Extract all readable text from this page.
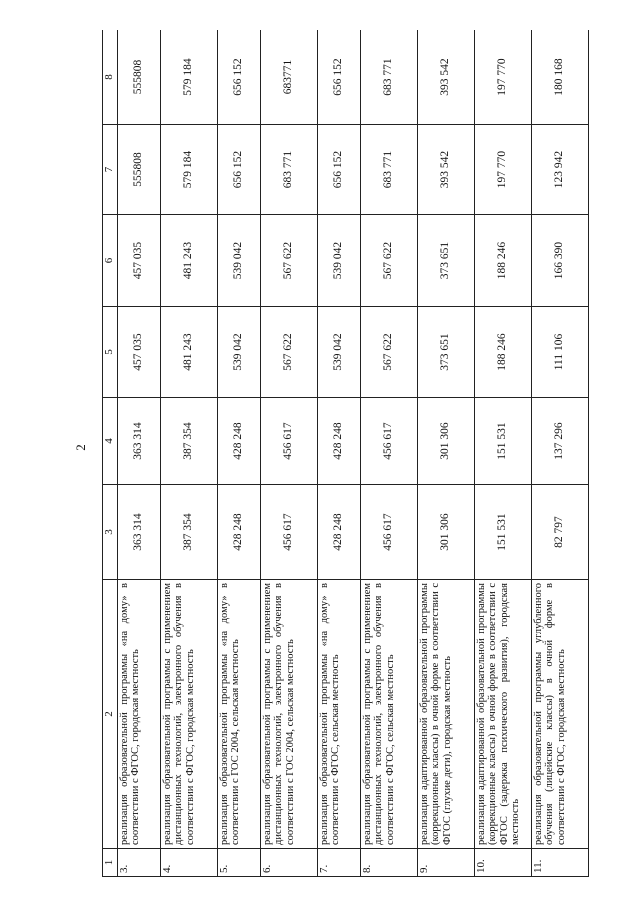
2
1	2	3	4	5	6	7	8
3.	реализация образовательной программы «на дому» в соответствии с ФГОС, городская местность	363 314	363 314	457 035	457 035	555808	555808
4.	реализация образовательной программы с применением дистанционных технологий, электронного обучения в соответствии с ФГОС, городская местность	387 354	387 354	481 243	481 243	579 184	579 184
5.	реализация образовательной программы «на дому» в соответствии с ГОС 2004, сельская местность	428 248	428 248	539 042	539 042	656 152	656 152
6.	реализация образовательной программы с применением дистанционных технологий, электронного обучения в соответствии с ГОС 2004, сельская местность	456 617	456 617	567 622	567 622	683 771	683771
7.	реализация образовательной программы «на дому» в соответствии с ФГОС, сельская местность	428 248	428 248	539 042	539 042	656 152	656 152
8.	реализация образовательной программы с применением дистанционных технологий, электронного обучения в соответствии с ФГОС, сельская местность	456 617	456 617	567 622	567 622	683 771	683 771
9.	реализация адаптированной образовательной программы (коррекционные классы) в очной форме в соответствии с ФГОС (глухие дети), городская местность	301 306	301 306	373 651	373 651	393 542	393 542
10.	реализация адаптированной образовательной программы (коррекционные классы) в очной форме в соответствии с ФГОС (задержка психического развития), городская местность	151 531	151 531	188 246	188 246	197 770	197 770
11.	реализация образовательной программы углубленного обучения (лицейские классы) в очной форме в соответствии с ФГОС, городская местность	82 797	137 296	111 106	166 390	123 942	180 168
